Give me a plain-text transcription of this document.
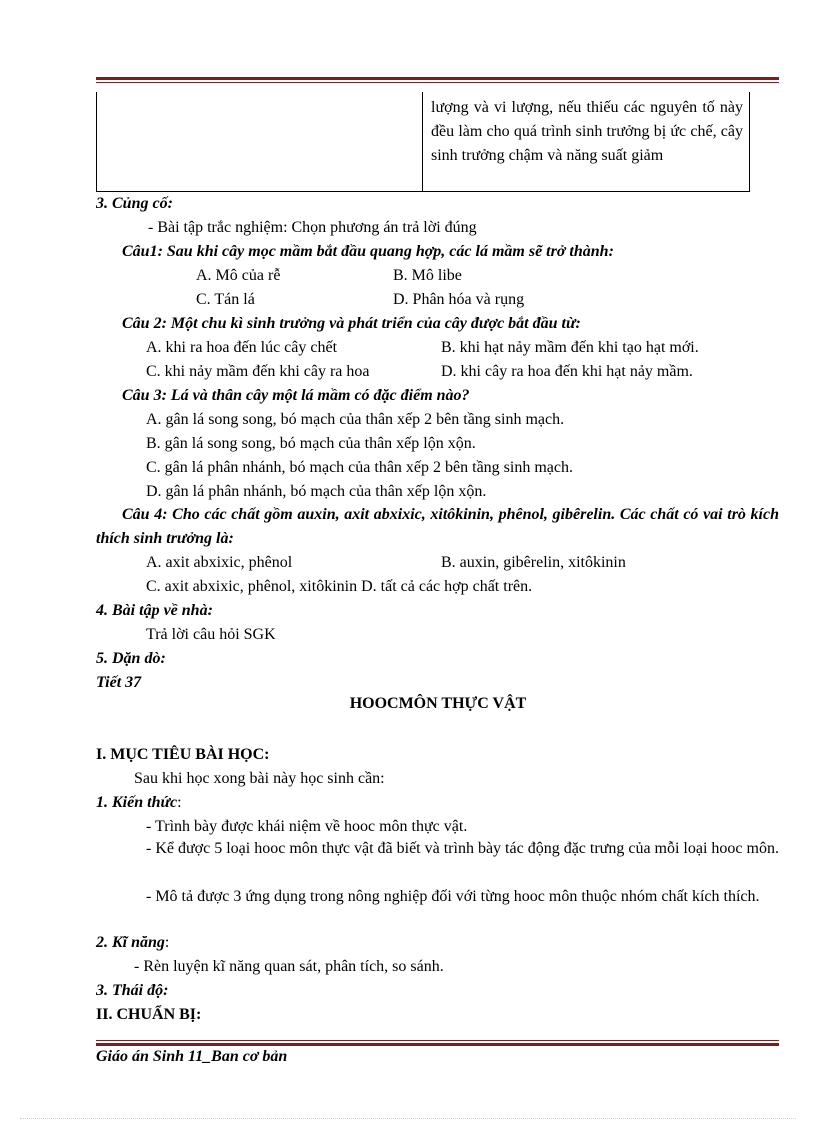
lượng và vi lượng, nếu thiếu các nguyên tố này đều làm cho quá trình sinh trưởng bị ức chế, cây sinh trưởng chậm và năng suất giảm
3. Củng cố:
- Bài tập trắc nghiệm: Chọn phương án trả lời đúng
Câu1: Sau khi cây mọc mầm bắt đầu quang hợp, các lá mầm sẽ trở thành:
A. Mô của rễ	B. Mô libe
C. Tán lá	D. Phân hóa và rụng
Câu 2: Một chu kì sinh trưởng và phát triển của cây được bắt đầu từ:
A. khi ra hoa đến lúc cây chết	B. khi hạt nảy mầm đến khi tạo hạt mới.
C. khi nảy mầm đến khi cây ra hoa	D. khi cây ra hoa đến khi hạt nảy mầm.
Câu 3: Lá và thân cây một lá mầm có đặc điểm nào?
A. gân lá song song, bó mạch của thân xếp 2 bên tầng sinh mạch.
B. gân lá song song, bó mạch của thân xếp lộn xộn.
C. gân lá phân nhánh, bó mạch của thân xếp 2 bên tầng sinh mạch.
D. gân lá phân nhánh, bó mạch của thân xếp lộn xộn.
Câu 4: Cho các chất gồm auxin, axit abxixic, xitôkinin, phênol, gibêrelin. Các chất có vai trò kích thích sinh trưởng là:
A. axit abxixic, phênol	B. auxin, gibêrelin, xitôkinin
C. axit abxixic, phênol, xitôkinin D. tất cả các hợp chất trên.
4. Bài tập về nhà:
Trả lời câu hỏi SGK
5. Dặn dò:
Tiết 37
HOOCMÔN THỰC VẬT
I. MỤC TIÊU BÀI HỌC:
Sau khi học xong bài này học sinh cần:
1. Kiến thức:
- Trình bày được khái niệm về hooc môn thực vật.
- Kể được 5 loại hooc môn thực vật đã biết và trình bày tác động đặc trưng của mỗi loại hooc môn.
- Mô tả được 3 ứng dụng trong nông nghiệp đối với từng hooc môn thuộc nhóm chất kích thích.
2. Kĩ năng:
- Rèn luyện kĩ năng quan sát, phân tích, so sánh.
3. Thái độ:
II. CHUẨN BỊ:
Giáo án Sinh 11_Ban cơ bản
